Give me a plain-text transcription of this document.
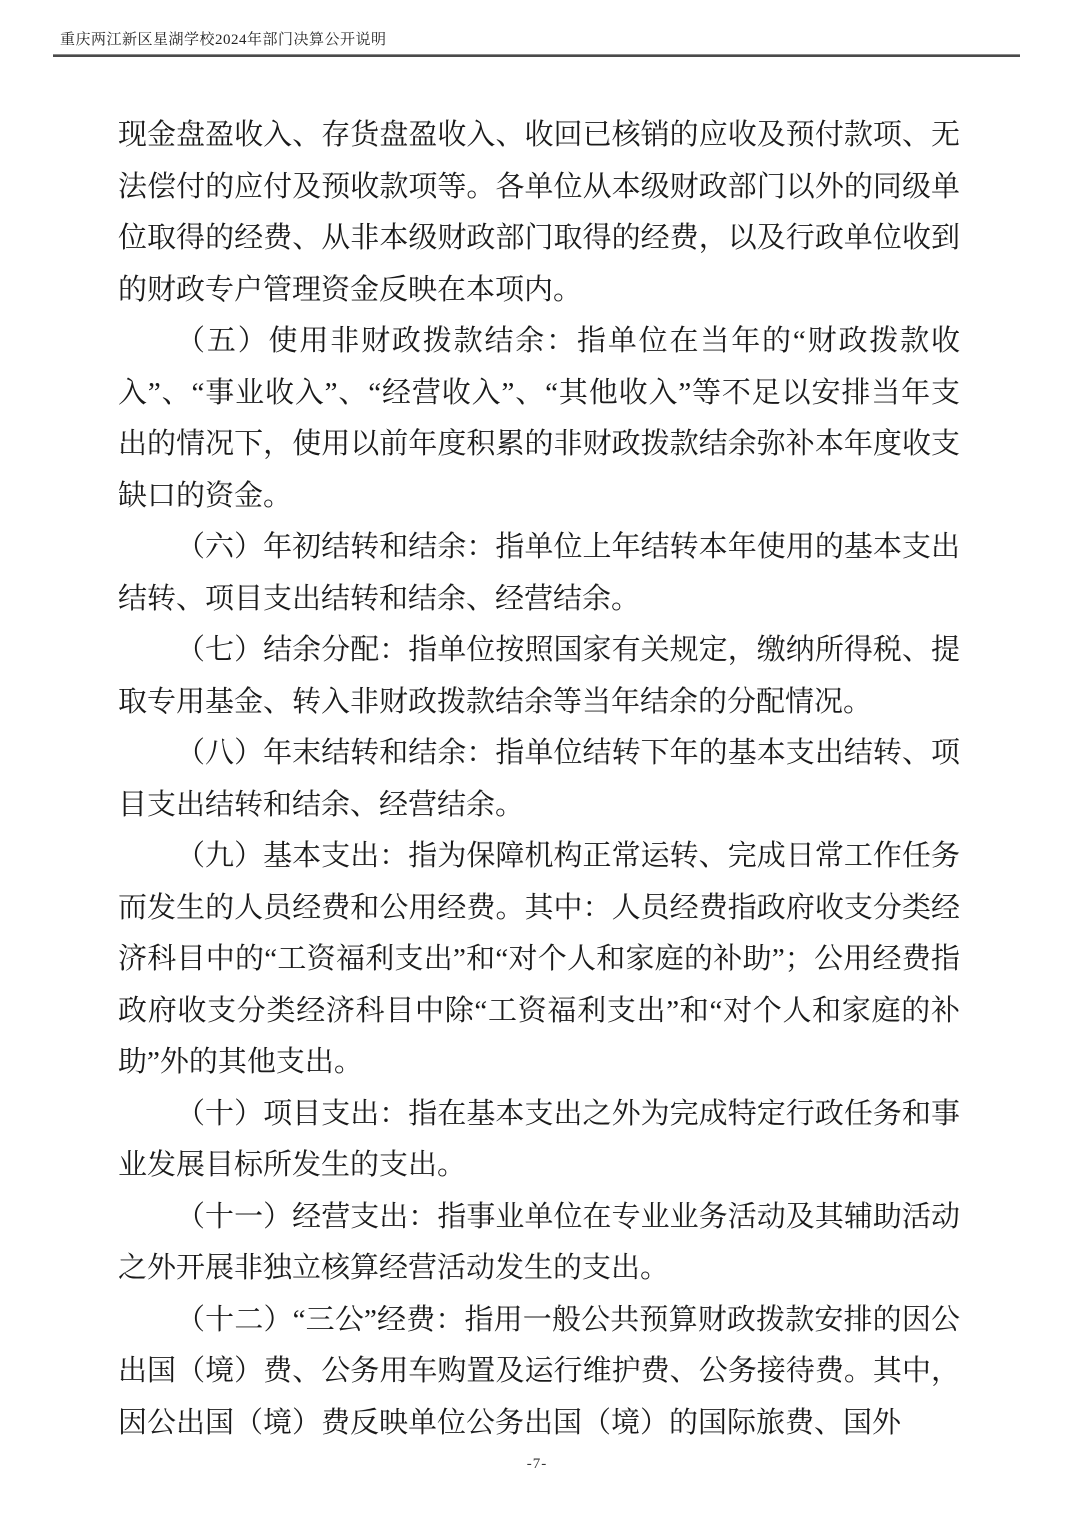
重庆两江新区星湖学校2024年部门决算公开说明

现金盘盈收入、存货盘盈收入、收回已核销的应收及预付款项、无法偿付的应付及预收款项等。各单位从本级财政部门以外的同级单位取得的经费、从非本级财政部门取得的经费，以及行政单位收到的财政专户管理资金反映在本项内。

（五）使用非财政拨款结余：指单位在当年的“财政拨款收入”、“事业收入”、“经营收入”、“其他收入”等不足以安排当年支出的情况下，使用以前年度积累的非财政拨款结余弥补本年度收支缺口的资金。

（六）年初结转和结余：指单位上年结转本年使用的基本支出结转、项目支出结转和结余、经营结余。

（七）结余分配：指单位按照国家有关规定，缴纳所得税、提取专用基金、转入非财政拨款结余等当年结余的分配情况。

（八）年末结转和结余：指单位结转下年的基本支出结转、项目支出结转和结余、经营结余。

（九）基本支出：指为保障机构正常运转、完成日常工作任务而发生的人员经费和公用经费。其中：人员经费指政府收支分类经济科目中的“工资福利支出”和“对个人和家庭的补助”；公用经费指政府收支分类经济科目中除“工资福利支出”和“对个人和家庭的补助”外的其他支出。

（十）项目支出：指在基本支出之外为完成特定行政任务和事业发展目标所发生的支出。

（十一）经营支出：指事业单位在专业业务活动及其辅助活动之外开展非独立核算经营活动发生的支出。

（十二）“三公”经费：指用一般公共预算财政拨款安排的因公出国（境）费、公务用车购置及运行维护费、公务接待费。其中，因公出国（境）费反映单位公务出国（境）的国际旅费、国外

-7-
